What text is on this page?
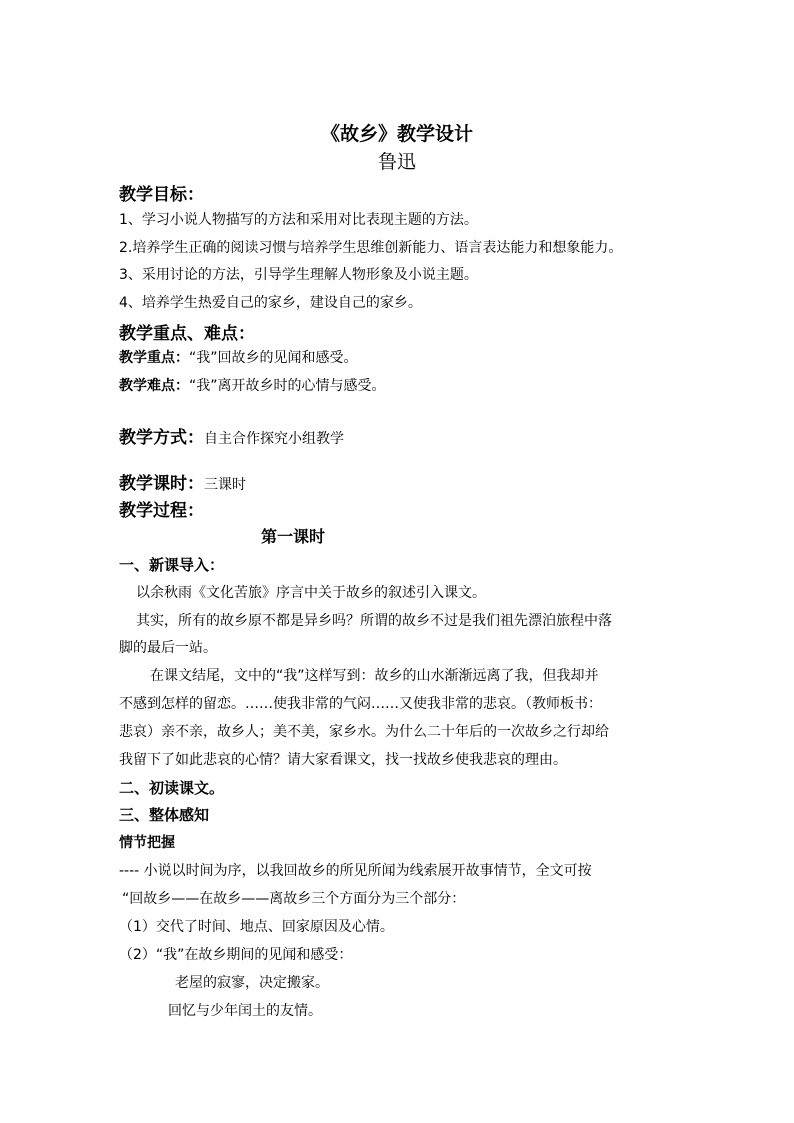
《故乡》教学设计
鲁迅
教学目标：
1、学习小说人物描写的方法和采用对比表现主题的方法。
2.培养学生正确的阅读习惯与培养学生思维创新能力、语言表达能力和想象能力。
3、采用讨论的方法，引导学生理解人物形象及小说主题。
4、培养学生热爱自己的家乡，建设自己的家乡。
教学重点、难点：
教学重点：“我”回故乡的见闻和感受。
教学难点：“我”离开故乡时的心情与感受。
教学方式：自主合作探究小组教学
教学课时：三课时
教学过程：
第一课时
一、新课导入：
以余秋雨《文化苦旅》序言中关于故乡的叙述引入课文。
其实，所有的故乡原不都是异乡吗？所谓的故乡不过是我们祖先漂泊旅程中落
脚的最后一站。
在课文结尾，文中的“我”这样写到：故乡的山水渐渐远离了我，但我却并
不感到怎样的留恋。……使我非常的气闷……又使我非常的悲哀。（教师板书：
悲哀）亲不亲，故乡人；美不美，家乡水。为什么二十年后的一次故乡之行却给
我留下了如此悲哀的心情？请大家看课文，找一找故乡使我悲哀的理由。
二、初读课文。
三、整体感知
情节把握
---- 小说以时间为序，以我回故乡的所见所闻为线索展开故事情节，全文可按
“回故乡——在故乡——离故乡三个方面分为三个部分：
（1）交代了时间、地点、回家原因及心情。
（2）“我”在故乡期间的见闻和感受：
老屋的寂寥，决定搬家。
回忆与少年闰土的友情。
